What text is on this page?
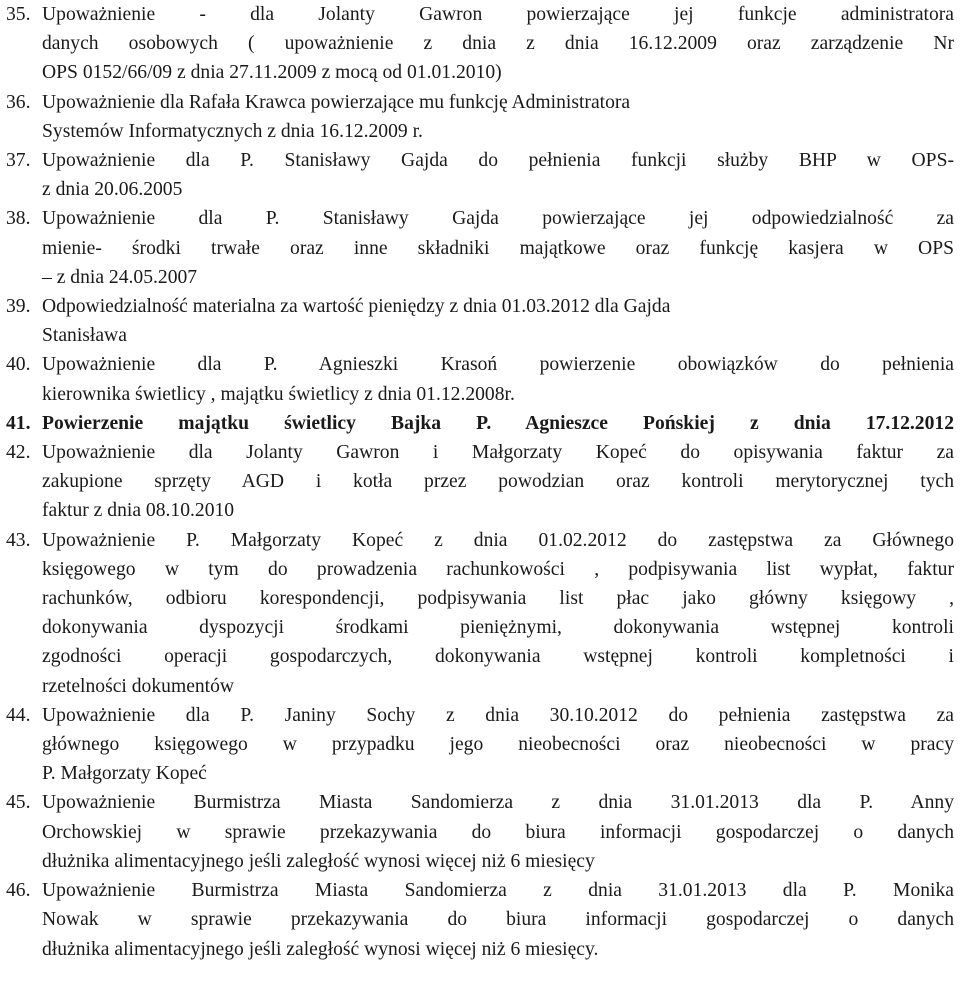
35. Upoważnienie - dla Jolanty Gawron powierzające jej funkcje administratora
danych osobowych ( upoważnienie z dnia z dnia 16.12.2009 oraz zarządzenie Nr
OPS 0152/66/09 z dnia 27.11.2009 z mocą od 01.01.2010)
36. Upoważnienie dla Rafała Krawca powierzające mu funkcję Administratora
Systemów Informatycznych z dnia 16.12.2009 r.
37. Upoważnienie dla P. Stanisławy Gajda do pełnienia funkcji służby BHP w OPS-
z dnia 20.06.2005
38. Upoważnienie dla P. Stanisławy Gajda powierzające jej odpowiedzialność za
mienie- środki trwałe oraz inne składniki majątkowe oraz funkcję kasjera w OPS
– z dnia 24.05.2007
39. Odpowiedzialność materialna za wartość pieniędzy z dnia 01.03.2012 dla Gajda
Stanisława
40. Upoważnienie dla P. Agnieszki Krasoń powierzenie obowiązków do pełnienia
kierownika świetlicy , majątku świetlicy z dnia 01.12.2008r.
41. Powierzenie majątku świetlicy Bajka P. Agnieszce Pońskiej z dnia 17.12.2012
42. Upoważnienie dla Jolanty Gawron i Małgorzaty Kopeć do opisywania faktur za
zakupione sprzęty AGD i kotła przez powodzian oraz kontroli merytorycznej tych
faktur z dnia 08.10.2010
43. Upoważnienie P. Małgorzaty Kopeć z dnia 01.02.2012 do zastępstwa za Głównego
księgowego w tym do prowadzenia rachunkowości , podpisywania list wypłat, faktur
rachunków, odbioru korespondencji, podpisywania list płac jako główny księgowy ,
dokonywania dyspozycji środkami pieniężnymi, dokonywania wstępnej kontroli
zgodności operacji gospodarczych, dokonywania wstępnej kontroli kompletności i
rzetelności dokumentów
44. Upoważnienie dla P. Janiny Sochy z dnia 30.10.2012 do pełnienia zastępstwa za
głównego księgowego w przypadku jego nieobecności oraz nieobecności w pracy
P. Małgorzaty Kopeć
45. Upoważnienie Burmistrza Miasta Sandomierza z dnia 31.01.2013 dla P. Anny
Orchowskiej w sprawie przekazywania do biura informacji gospodarczej o danych
dłużnika alimentacyjnego jeśli zaległość wynosi więcej niż 6 miesięcy
46. Upoważnienie Burmistrza Miasta Sandomierza z dnia 31.01.2013 dla P. Monika
Nowak w sprawie przekazywania do biura informacji gospodarczej o danych
dłużnika alimentacyjnego jeśli zaległość wynosi więcej niż 6 miesięcy.
